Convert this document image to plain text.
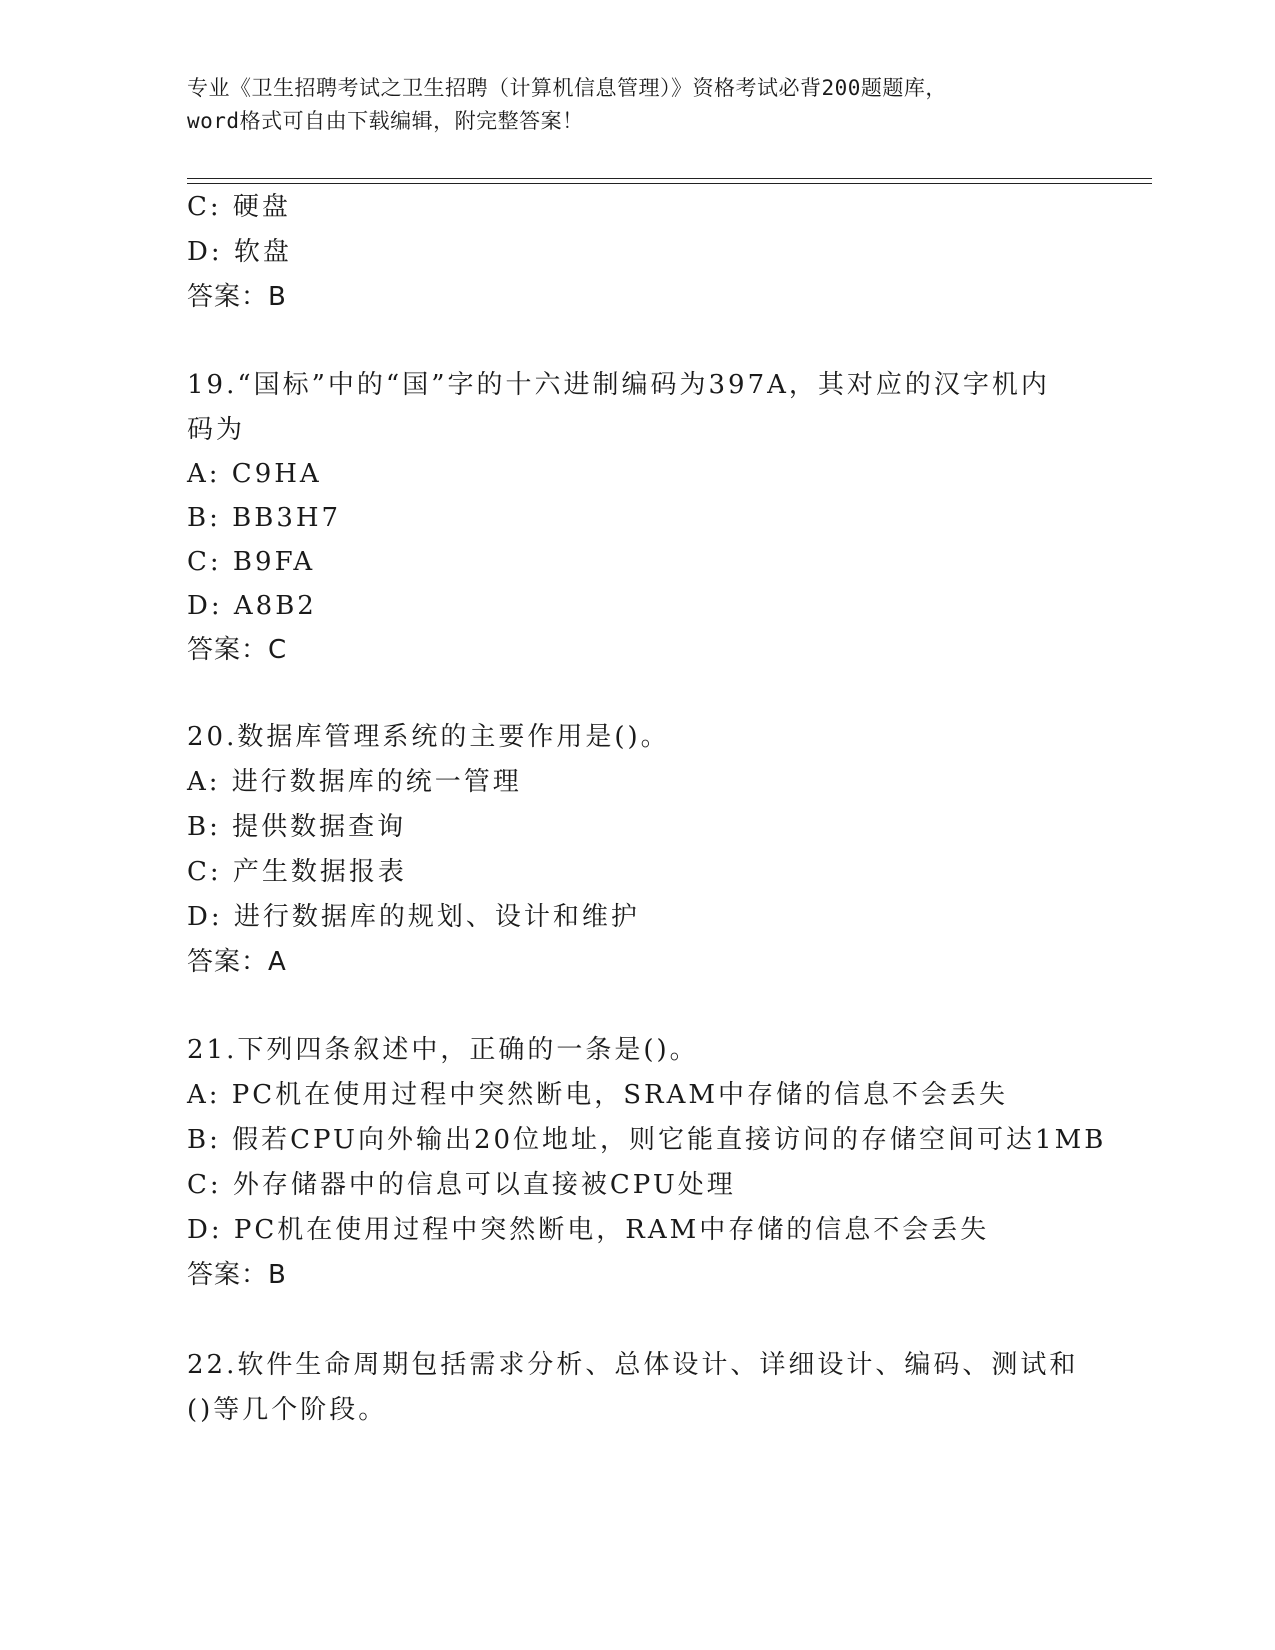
专业《卫生招聘考试之卫生招聘（计算机信息管理）》资格考试必背200题题库，
word格式可自由下载编辑，附完整答案！
C: 硬盘
D: 软盘
答案：B
19.“国标”中的“国”字的十六进制编码为397A，其对应的汉字机内
码为
A: C9HA
B: BB3H7
C: B9FA
D: A8B2
答案：C
20.数据库管理系统的主要作用是()。
A: 进行数据库的统一管理
B: 提供数据查询
C: 产生数据报表
D: 进行数据库的规划、设计和维护
答案：A
21.下列四条叙述中，正确的一条是()。
A: PC机在使用过程中突然断电，SRAM中存储的信息不会丢失
B: 假若CPU向外输出20位地址，则它能直接访问的存储空间可达1MB
C: 外存储器中的信息可以直接被CPU处理
D: PC机在使用过程中突然断电，RAM中存储的信息不会丢失
答案：B
22.软件生命周期包括需求分析、总体设计、详细设计、编码、测试和
()等几个阶段。
